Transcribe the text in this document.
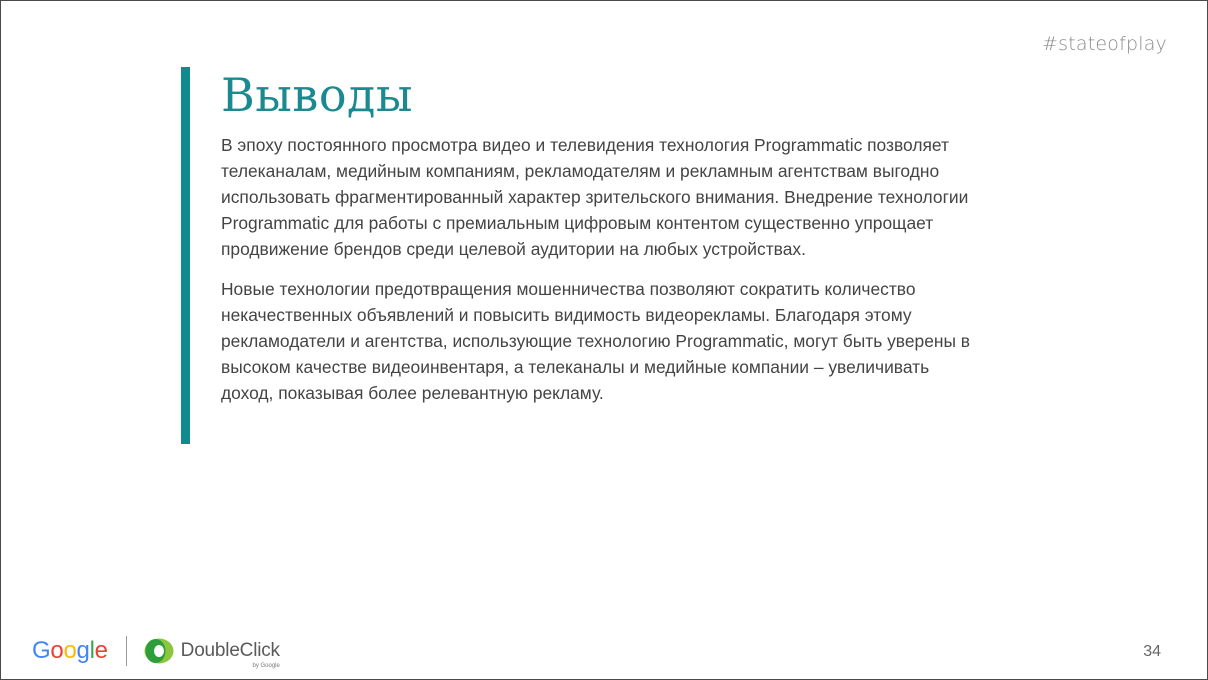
#stateofplay
Выводы

В эпоху постоянного просмотра видео и телевидения технология Programmatic позволяет телеканалам, медийным компаниям, рекламодателям и рекламным агентствам выгодно использовать фрагментированный характер зрительского внимания. Внедрение технологии Programmatic для работы с премиальным цифровым контентом существенно упрощает продвижение брендов среди целевой аудитории на любых устройствах.

Новые технологии предотвращения мошенничества позволяют сократить количество некачественных объявлений и повысить видимость видеорекламы. Благодаря этому рекламодатели и агентства, использующие технологию Programmatic, могут быть уверены в высоком качестве видеоинвентаря, а телеканалы и медийные компании – увеличивать доход, показывая более релевантную рекламу.

Google	DoubleClick
by Google
34
